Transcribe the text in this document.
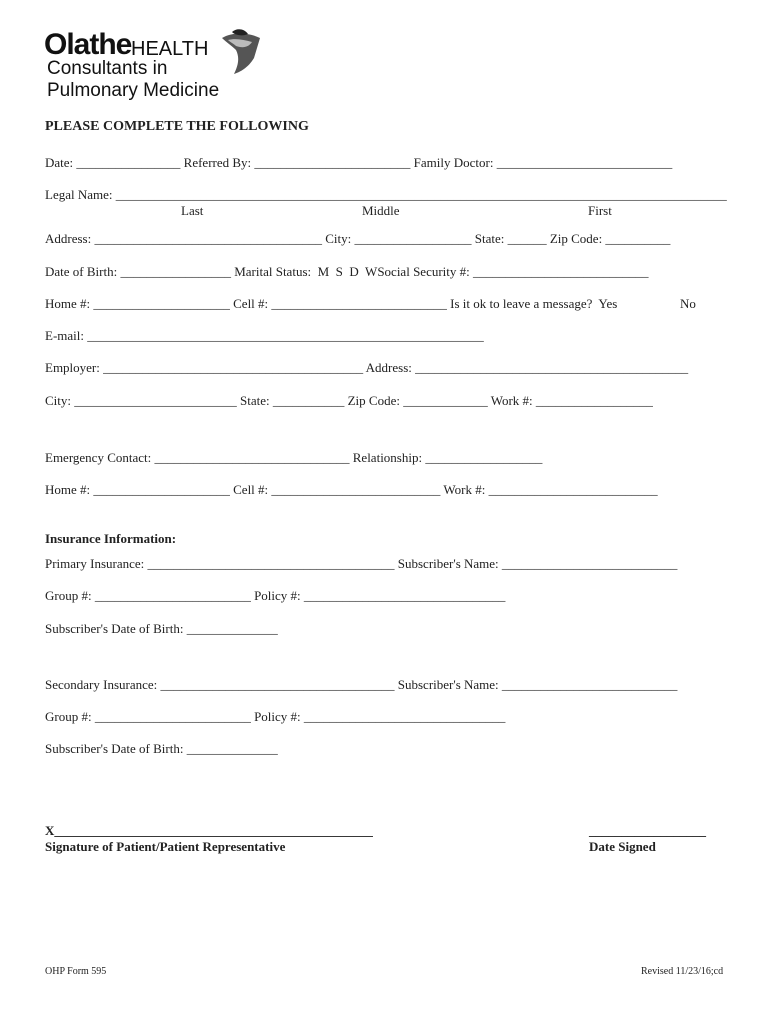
Olathe HEALTH
Consultants in
Pulmonary Medicine
PLEASE COMPLETE THE FOLLOWING
Date: ________________ Referred By: ________________________ Family Doctor: ___________________________
Legal Name: ______________________________________________________________________________________________
Last	Middle	First
Address: ___________________________________ City: __________________ State: ______ Zip Code: __________
Date of Birth: _________________ Marital Status:  M  S  D  WSocial Security #: ___________________________
Home #: _____________________ Cell #: ___________________________ Is it ok to leave a message?  Yes	No
E-mail: _____________________________________________________________
Employer: ________________________________________ Address: __________________________________________
City: _________________________ State: ___________ Zip Code: _____________ Work #: __________________
Emergency Contact: ______________________________ Relationship: __________________
Home #: _____________________ Cell #: __________________________ Work #: __________________________
Insurance Information:
Primary Insurance: ______________________________________ Subscriber's Name: ___________________________
Group #: ________________________ Policy #: _______________________________
Subscriber's Date of Birth: ______________
Secondary Insurance: ____________________________________ Subscriber's Name: ___________________________
Group #: ________________________ Policy #: _______________________________
Subscriber's Date of Birth: ______________
X_________________________________________________
Signature of Patient/Patient Representative
__________________
Date Signed
OHP Form 595	Revised 11/23/16;cd
